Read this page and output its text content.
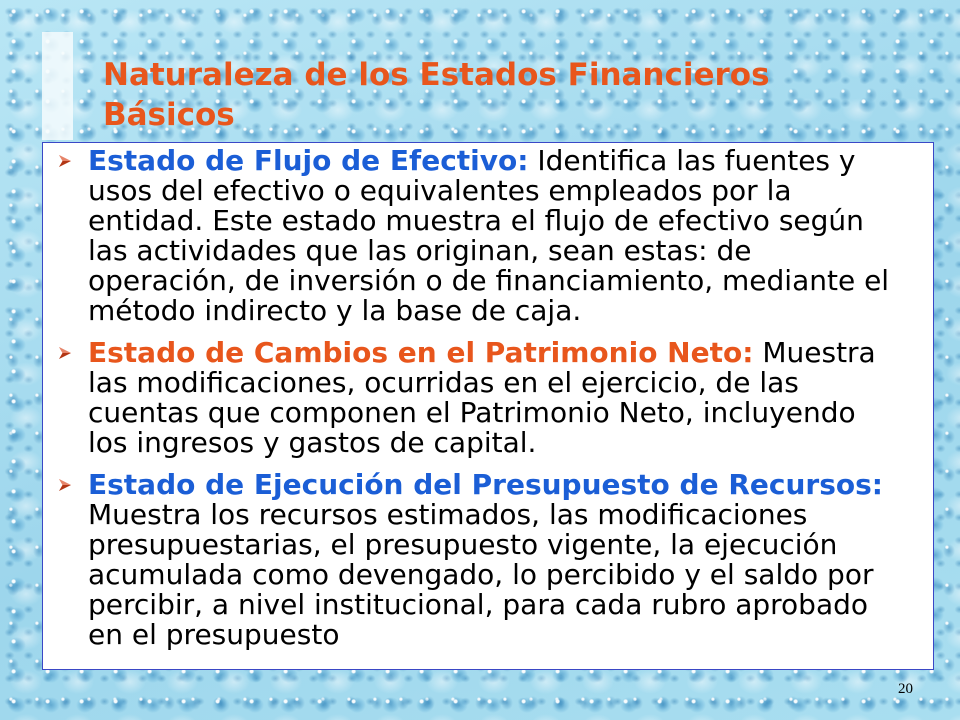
Naturaleza de los Estados Financieros
Básicos
Estado de Flujo de Efectivo: Identifica las fuentes y
usos del efectivo o equivalentes empleados por la
entidad. Este estado muestra el flujo de efectivo según
las actividades que las originan, sean estas: de
operación, de inversión o de financiamiento, mediante el
método indirecto y la base de caja.
Estado de Cambios en el Patrimonio Neto: Muestra
las modificaciones, ocurridas en el ejercicio, de las
cuentas que componen el Patrimonio Neto, incluyendo
los ingresos y gastos de capital.
Estado de Ejecución del Presupuesto de Recursos:
Muestra los recursos estimados, las modificaciones
presupuestarias, el presupuesto vigente, la ejecución
acumulada como devengado, lo percibido y el saldo por
percibir, a nivel institucional, para cada rubro aprobado
en el presupuesto
20
